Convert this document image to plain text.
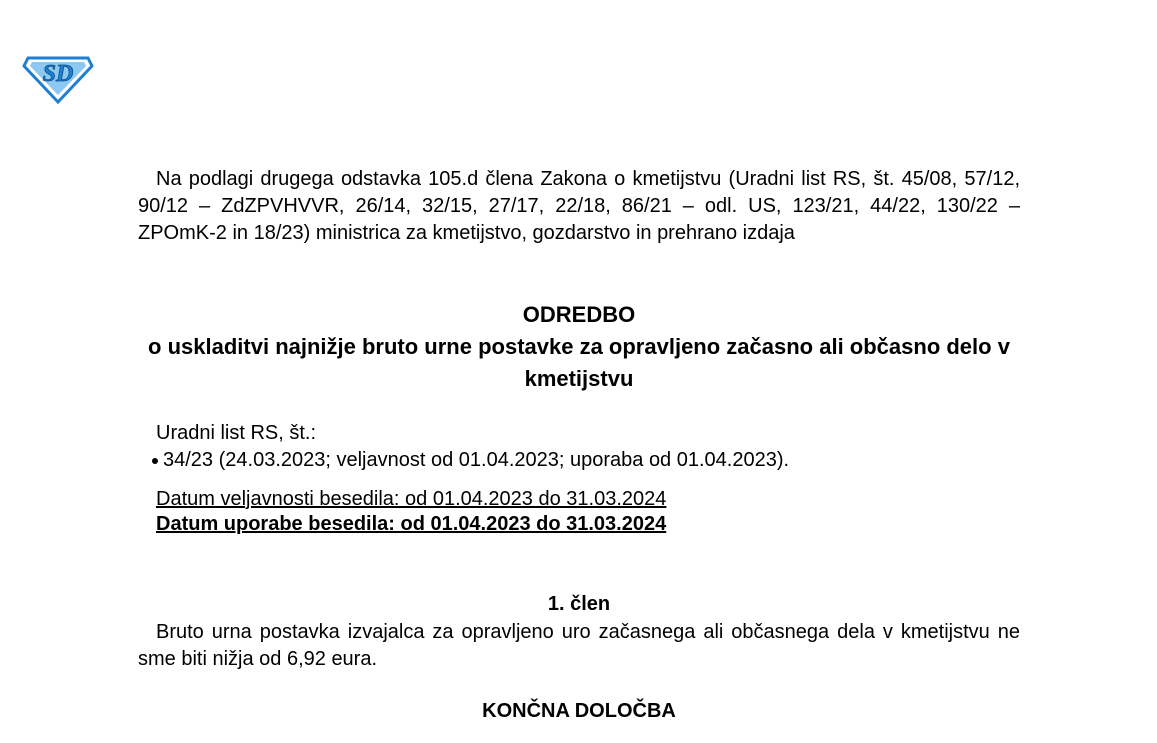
SD
Na podlagi drugega odstavka 105.d člena Zakona o kmetijstvu (Uradni list RS, št. 45/08, 57/12, 90/12 – ZdZPVHVVR, 26/14, 32/15, 27/17, 22/18, 86/21 – odl. US, 123/21, 44/22, 130/22 – ZPOmK-2 in 18/23) ministrica za kmetijstvo, gozdarstvo in prehrano izdaja
ODREDBO
o uskladitvi najnižje bruto urne postavke za opravljeno začasno ali občasno delo v kmetijstvu
Uradni list RS, št.:
34/23 (24.03.2023; veljavnost od 01.04.2023; uporaba od 01.04.2023).
Datum veljavnosti besedila: od 01.04.2023 do 31.03.2024
Datum uporabe besedila: od 01.04.2023 do 31.03.2024
1. člen
Bruto urna postavka izvajalca za opravljeno uro začasnega ali občasnega dela v kmetijstvu ne sme biti nižja od 6,92 eura.
KONČNA DOLOČBA
